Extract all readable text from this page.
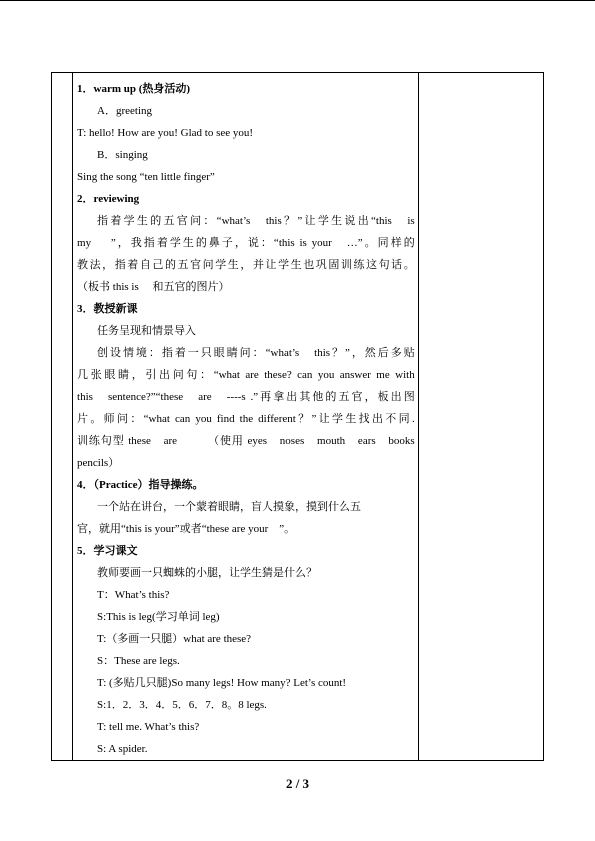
1．warm up (热身活动)
A．greeting
T: hello! How are you! Glad to see you!
B．singing
Sing the song “ten little finger”
2．reviewing
指着学生的五官问：“what’s　this？”让学生说出“this　is
my　 ”，我指着学生的鼻子，说：“this is your　…”。同样的
教法，指着自己的五官问学生，并让学生也巩固训练这句话。
（板书 this is　 和五官的图片）
3．教授新课
任务呈现和情景导入
创设情境：指着一只眼睛问：“what’s　this？”，然后多贴
几张眼睛，引出问句：“what are these? can you answer me with
this　sentence?”“these　are　----s .”再拿出其他的五官，板出图
片。师问：“what can you find the different？”让学生找出不同.
训练句型 these　are　　　（使用 eyes　noses　mouth　ears　books
pencils）
4．（Practice）指导操练。
一个站在讲台，一个蒙着眼睛，盲人摸象，摸到什么五
官，就用“this is your”或者“these are your　”。
5．学习课文
教师要画一只蜘蛛的小腿，让学生猜是什么？
T：What’s this?
S:This is leg(学习单词 leg)
T:（多画一只腿）what are these?
S：These are legs.
T: (多贴几只腿)So many legs! How many? Let’s count!
S:1．2．3．4．5．6．7．8。8 legs.
T: tell me. What’s this?
S: A spider.

2 / 3
